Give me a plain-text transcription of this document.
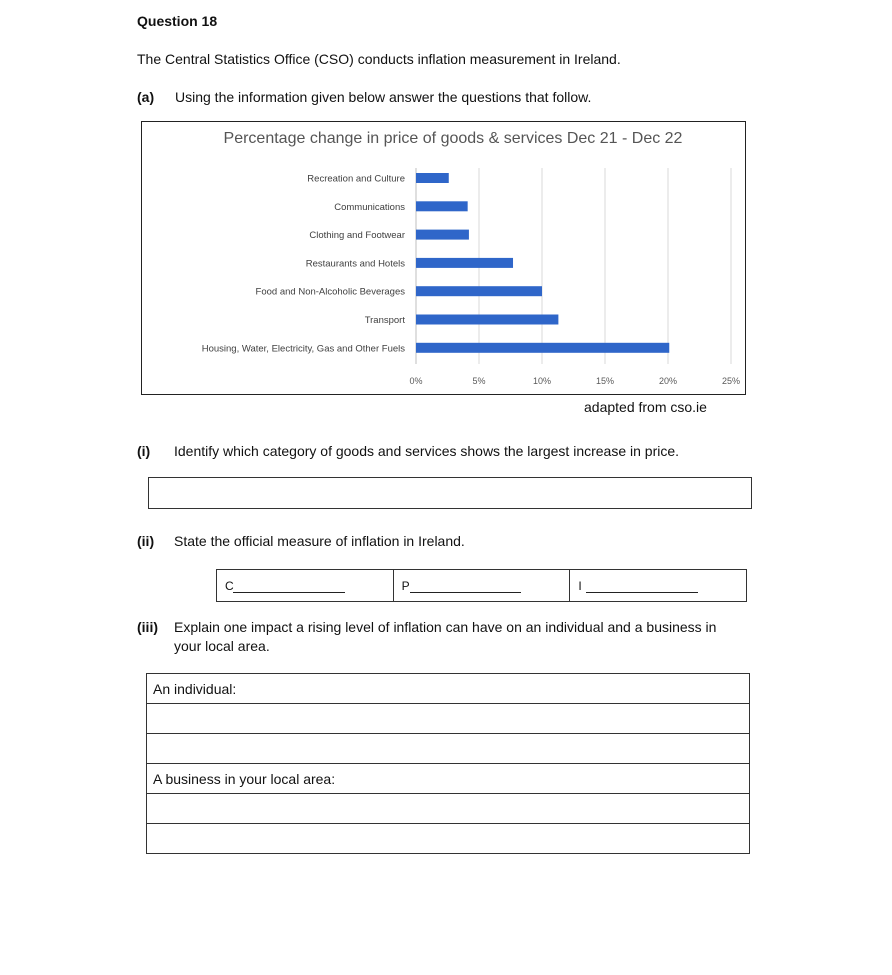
Question 18
The Central Statistics Office (CSO) conducts inflation measurement in Ireland.
(a) Using the information given below answer the questions that follow.
Percentage change in price of goods & services Dec 21 - Dec 22
0%	5%	10%	15%	20%	25%
Recreation and Culture
Communications
Clothing and Footwear
Restaurants and Hotels
Food and Non-Alcoholic Beverages
Transport
Housing, Water, Electricity, Gas and Other Fuels
adapted from cso.ie
(i) Identify which category of goods and services shows the largest increase in price.
(ii) State the official measure of inflation in Ireland.
C	P	I
(iii) Explain one impact a rising level of inflation can have on an individual and a business in
your local area.
An individual:

A business in your local area:
